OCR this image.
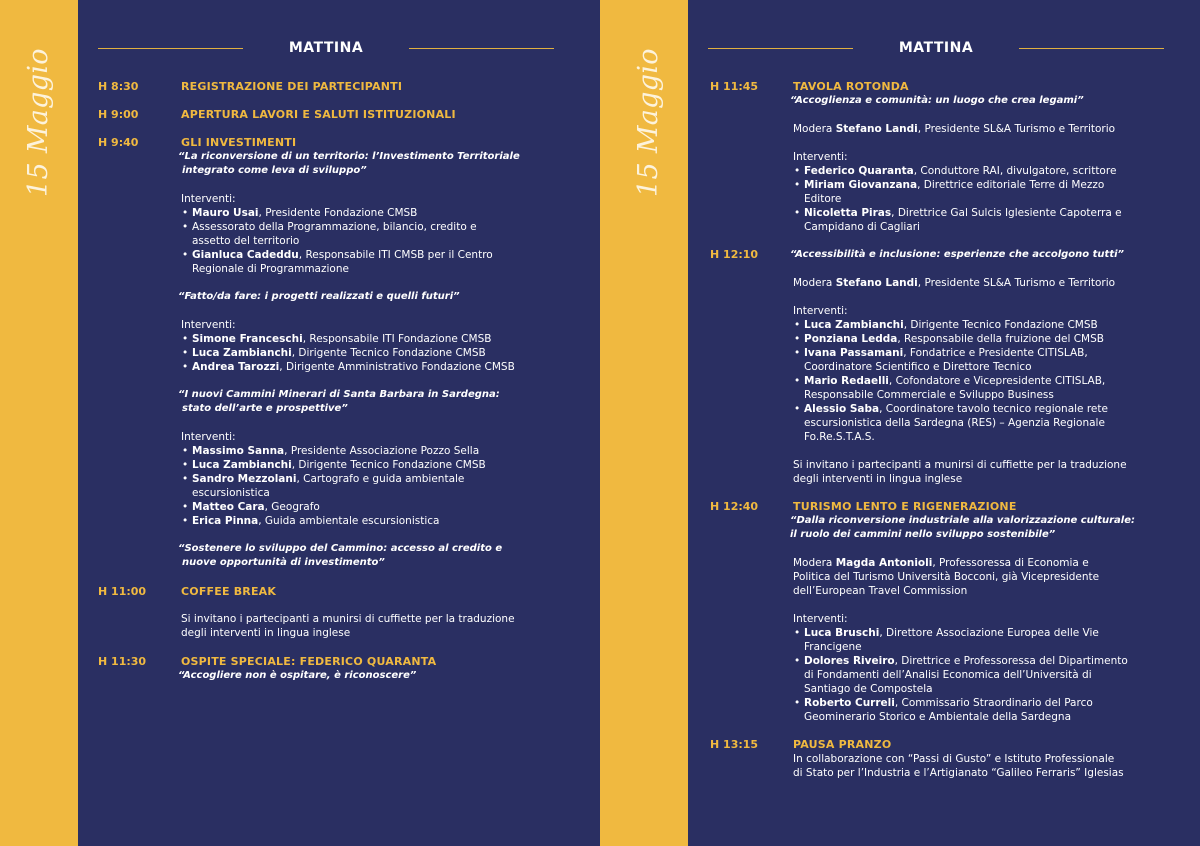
15 Maggio
MATTINA
H 8:30	REGISTRAZIONE DEI PARTECIPANTI
H 9:00	APERTURA LAVORI E SALUTI ISTITUZIONALI
H 9:40	GLI INVESTIMENTI
“La riconversione di un territorio: l’Investimento Territoriale
integrato come leva di sviluppo”
Interventi:
• Mauro Usai, Presidente Fondazione CMSB
• Assessorato della Programmazione, bilancio, credito e
assetto del territorio
• Gianluca Cadeddu, Responsabile ITI CMSB per il Centro
Regionale di Programmazione
“Fatto/da fare: i progetti realizzati e quelli futuri”
Interventi:
• Simone Franceschi, Responsabile ITI Fondazione CMSB
• Luca Zambianchi, Dirigente Tecnico Fondazione CMSB
• Andrea Tarozzi, Dirigente Amministrativo Fondazione CMSB
“I nuovi Cammini Minerari di Santa Barbara in Sardegna:
stato dell’arte e prospettive”
Interventi:
• Massimo Sanna, Presidente Associazione Pozzo Sella
• Luca Zambianchi, Dirigente Tecnico Fondazione CMSB
• Sandro Mezzolani, Cartografo e guida ambientale
escursionistica
• Matteo Cara, Geografo
• Erica Pinna, Guida ambientale escursionistica
“Sostenere lo sviluppo del Cammino: accesso al credito e
nuove opportunità di investimento”
H 11:00	COFFEE BREAK
Si invitano i partecipanti a munirsi di cuffiette per la traduzione
degli interventi in lingua inglese
H 11:30	OSPITE SPECIALE: FEDERICO QUARANTA
“Accogliere non è ospitare, è riconoscere”
15 Maggio
MATTINA
H 11:45	TAVOLA ROTONDA
“Accoglienza e comunità: un luogo che crea legami”
Modera Stefano Landi, Presidente SL&A Turismo e Territorio
Interventi:
• Federico Quaranta, Conduttore RAI, divulgatore, scrittore
• Miriam Giovanzana, Direttrice editoriale Terre di Mezzo
Editore
• Nicoletta Piras, Direttrice Gal Sulcis Iglesiente Capoterra e
Campidano di Cagliari
H 12:10	“Accessibilità e inclusione: esperienze che accolgono tutti”
Modera Stefano Landi, Presidente SL&A Turismo e Territorio
Interventi:
• Luca Zambianchi, Dirigente Tecnico Fondazione CMSB
• Ponziana Ledda, Responsabile della fruizione del CMSB
• Ivana Passamani, Fondatrice e Presidente CITISLAB,
Coordinatore Scientifico e Direttore Tecnico
• Mario Redaelli, Cofondatore e Vicepresidente CITISLAB,
Responsabile Commerciale e Sviluppo Business
• Alessio Saba, Coordinatore tavolo tecnico regionale rete
escursionistica della Sardegna (RES) – Agenzia Regionale
Fo.Re.S.T.A.S.
Si invitano i partecipanti a munirsi di cuffiette per la traduzione
degli interventi in lingua inglese
H 12:40	TURISMO LENTO E RIGENERAZIONE
“Dalla riconversione industriale alla valorizzazione culturale:
il ruolo dei cammini nello sviluppo sostenibile”
Modera Magda Antonioli, Professoressa di Economia e
Politica del Turismo Università Bocconi, già Vicepresidente
dell’European Travel Commission
Interventi:
• Luca Bruschi, Direttore Associazione Europea delle Vie
Francigene
• Dolores Riveiro, Direttrice e Professoressa del Dipartimento
di Fondamenti dell’Analisi Economica dell’Università di
Santiago de Compostela
• Roberto Curreli, Commissario Straordinario del Parco
Geominerario Storico e Ambientale della Sardegna
H 13:15	PAUSA PRANZO
In collaborazione con “Passi di Gusto” e Istituto Professionale
di Stato per l’Industria e l’Artigianato “Galileo Ferraris” Iglesias
